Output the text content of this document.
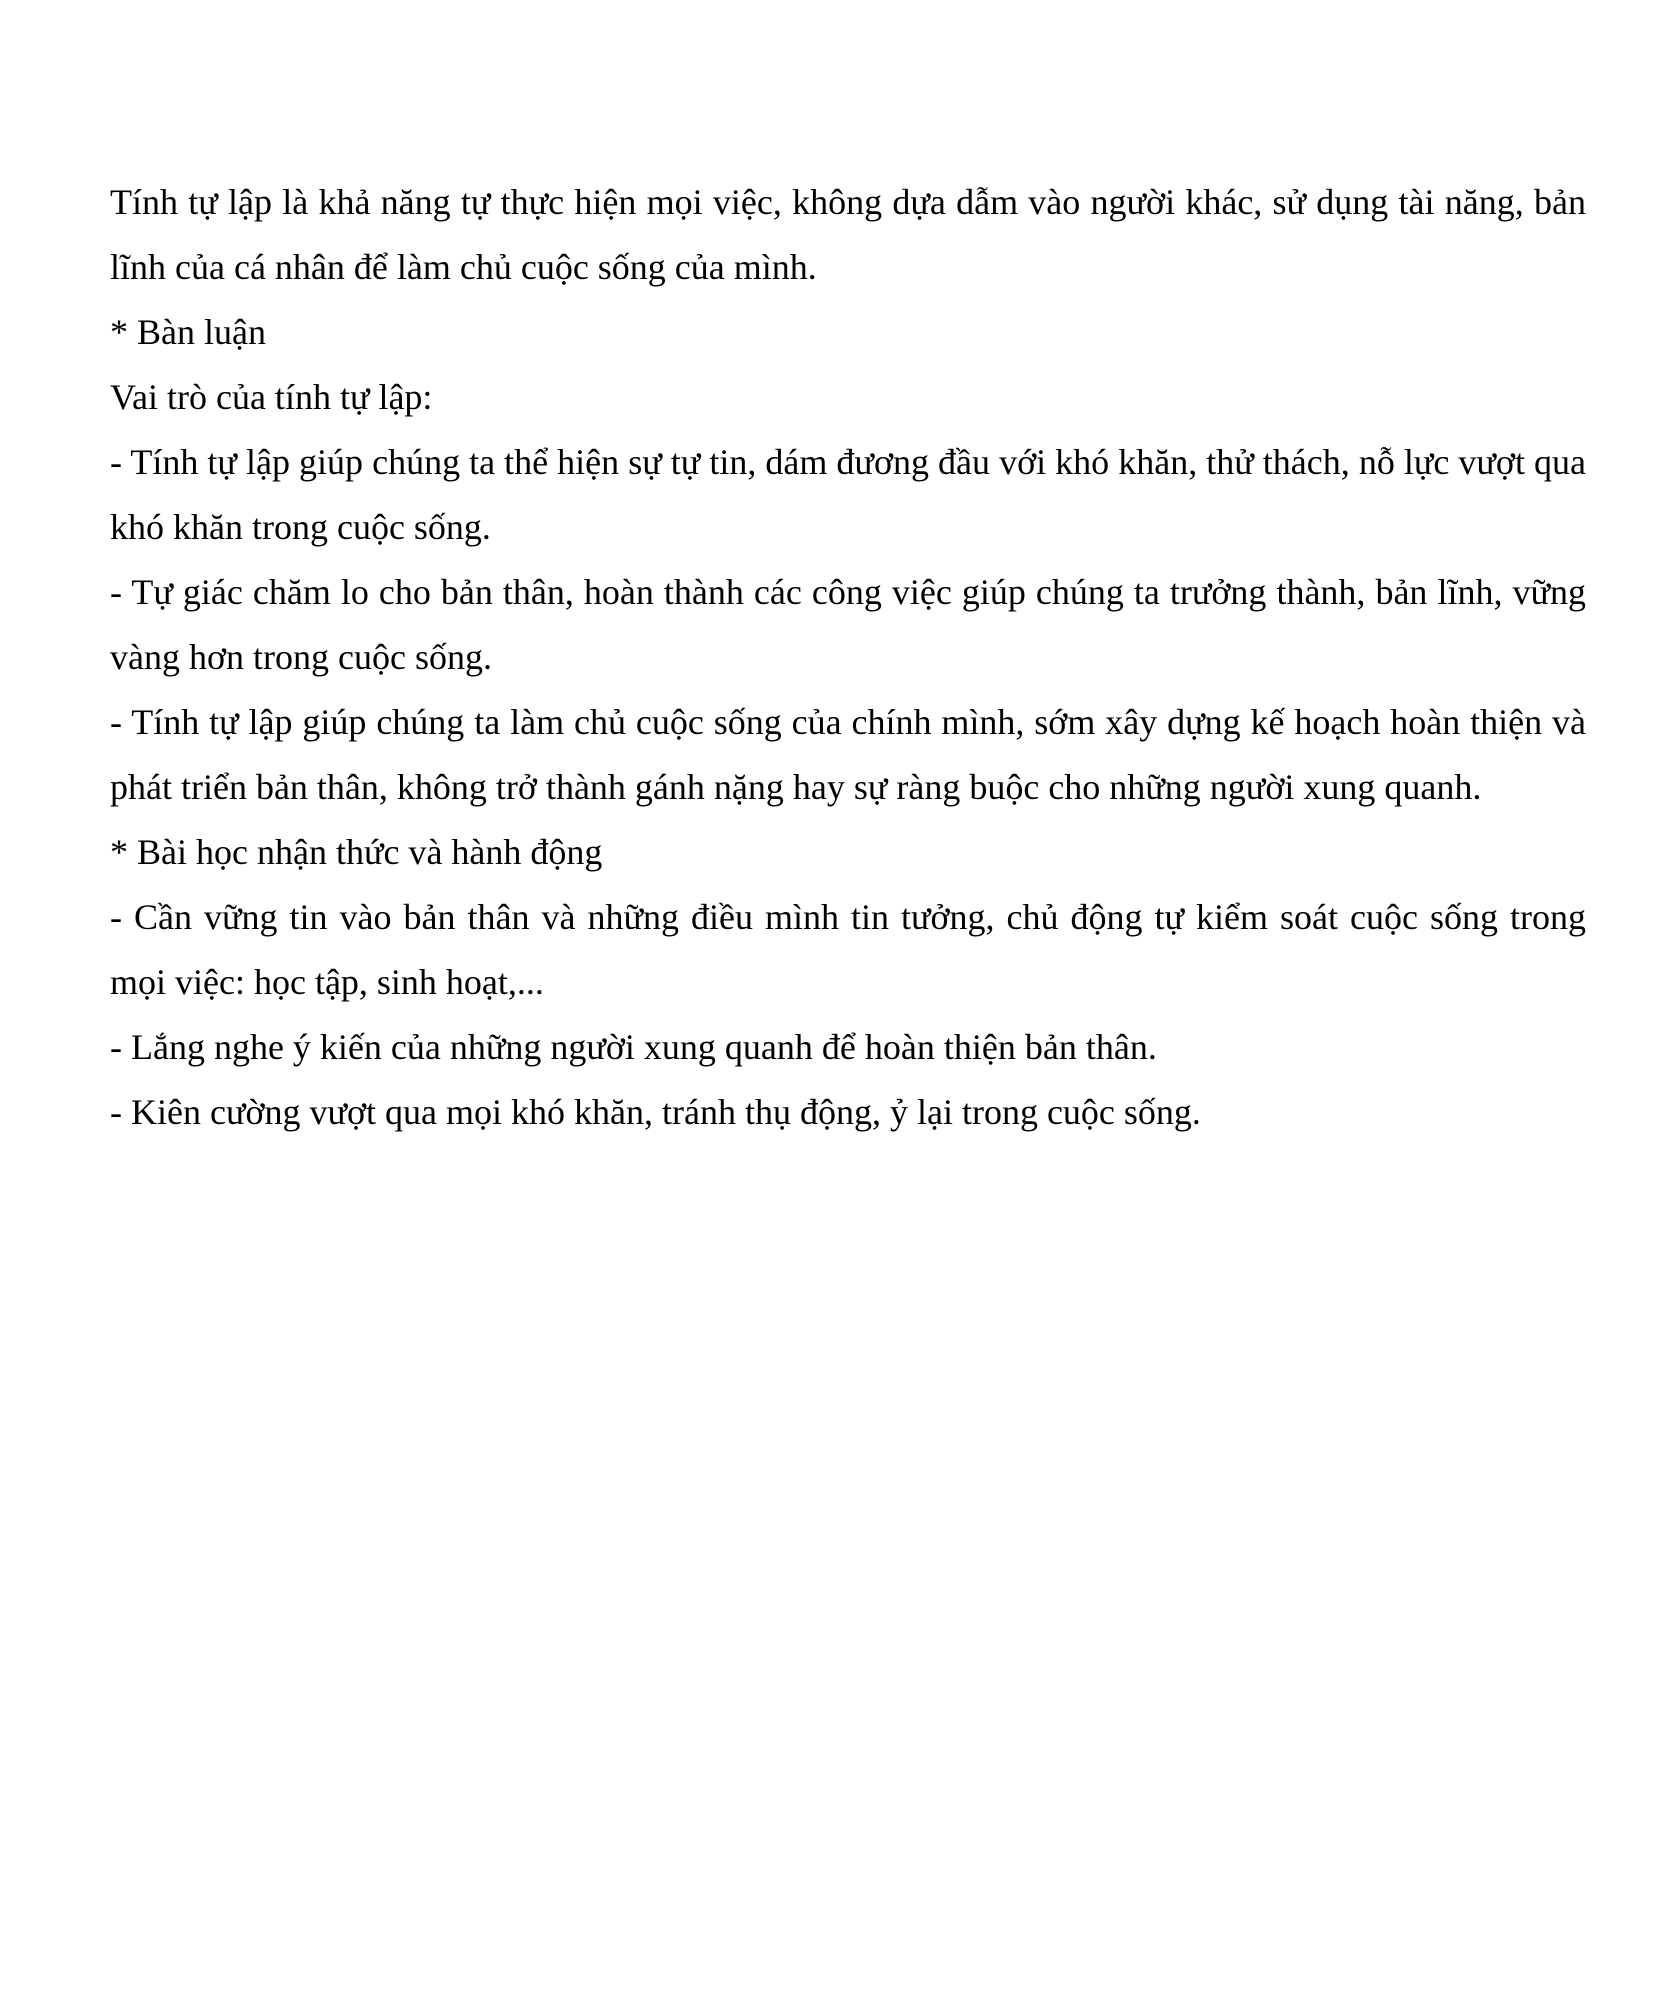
Tính tự lập là khả năng tự thực hiện mọi việc, không dựa dẫm vào người khác, sử dụng tài năng, bản lĩnh của cá nhân để làm chủ cuộc sống của mình.

* Bàn luận

Vai trò của tính tự lập:

- Tính tự lập giúp chúng ta thể hiện sự tự tin, dám đương đầu với khó khăn, thử thách, nỗ lực vượt qua khó khăn trong cuộc sống.

- Tự giác chăm lo cho bản thân, hoàn thành các công việc giúp chúng ta trưởng thành, bản lĩnh, vững vàng hơn trong cuộc sống.

- Tính tự lập giúp chúng ta làm chủ cuộc sống của chính mình, sớm xây dựng kế hoạch hoàn thiện và phát triển bản thân, không trở thành gánh nặng hay sự ràng buộc cho những người xung quanh.

* Bài học nhận thức và hành động

- Cần vững tin vào bản thân và những điều mình tin tưởng, chủ động tự kiểm soát cuộc sống trong mọi việc: học tập, sinh hoạt,...

- Lắng nghe ý kiến của những người xung quanh để hoàn thiện bản thân.

- Kiên cường vượt qua mọi khó khăn, tránh thụ động, ỷ lại trong cuộc sống.
